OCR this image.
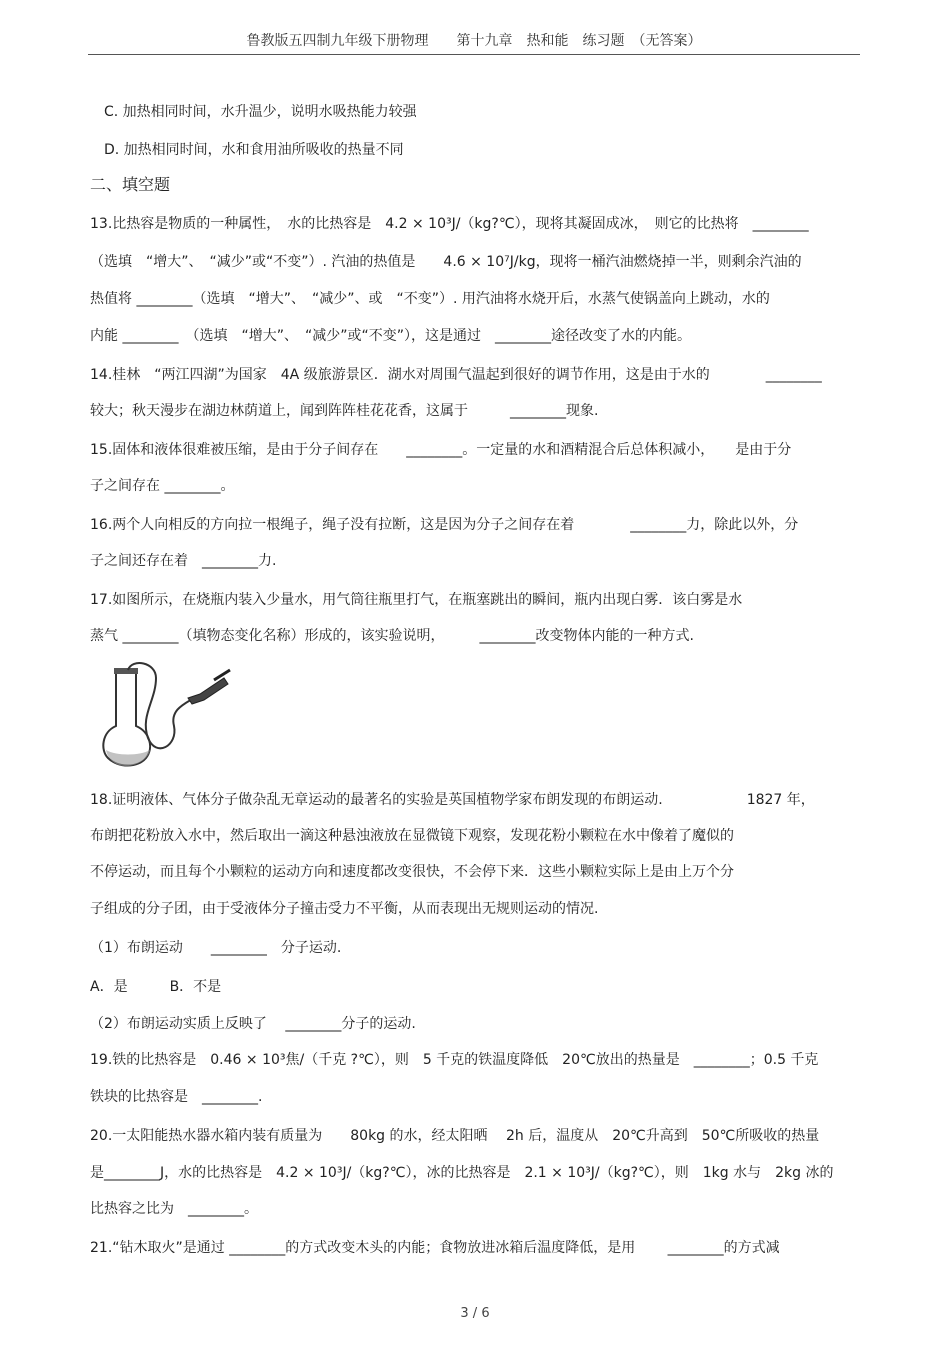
鲁教版五四制九年级下册物理　　第十九章　热和能　练习题　（无答案）
C. 加热相同时间，水升温少，说明水吸热能力较强
D. 加热相同时间，水和食用油所吸收的热量不同
二、填空题
13.比热容是物质的一种属性，　水的比热容是　4.2 × 10³J/（kg?℃），现将其凝固成冰，　则它的比热将　________
（选填　“增大”、　“减少”或“不变”）. 汽油的热值是　　4.6 × 10⁷J/kg，现将一桶汽油燃烧掉一半，则剩余汽油的
热值将 ________（选填　“增大”、　“减少”、或　“不变”）. 用汽油将水烧开后，水蒸气使锅盖向上跳动，水的
内能 ________　（选填　“增大”、　“减少”或“不变”），这是通过　________途径改变了水的内能。
14.桂林　“两江四湖”为国家　4A 级旅游景区．湖水对周围气温起到很好的调节作用，这是由于水的　　　　________
较大；秋天漫步在湖边林荫道上，闻到阵阵桂花花香，这属于　　　________现象.
15.固体和液体很难被压缩，是由于分子间存在　　________。一定量的水和酒精混合后总体积减小，　　是由于分
子之间存在 ________。
16.两个人向相反的方向拉一根绳子，绳子没有拉断，这是因为分子之间存在着　　　　________力，除此以外，分
子之间还存在着　________力.
17.如图所示，在烧瓶内装入少量水，用气筒往瓶里打气，在瓶塞跳出的瞬间，瓶内出现白雾．该白雾是水
蒸气 ________（填物态变化名称）形成的，该实验说明，　　　________改变物体内能的一种方式.
18.证明液体、气体分子做杂乱无章运动的最著名的实验是英国植物学家布朗发现的布朗运动.　　　　　　1827 年，
布朗把花粉放入水中，然后取出一滴这种悬浊液放在显微镜下观察，发现花粉小颗粒在水中像着了魔似的
不停运动，而且每个小颗粒的运动方向和速度都改变很快，不会停下来．这些小颗粒实际上是由上万个分
子组成的分子团，由于受液体分子撞击受力不平衡，从而表现出无规则运动的情况.
（1）布朗运动　　________　分子运动.
A．是　　　B．不是
（2）布朗运动实质上反映了　 ________分子的运动.
19.铁的比热容是　0.46 × 10³焦/（千克 ?℃），则　5 千克的铁温度降低　20℃放出的热量是　________；0.5 千克
铁块的比热容是　________.
20.一太阳能热水器水箱内装有质量为　　80kg 的水，经太阳晒　 2h 后，温度从　20℃升高到　50℃所吸收的热量
是________J，水的比热容是　4.2 × 10³J/（kg?℃），冰的比热容是　2.1 × 10³J/（kg?℃），则　1kg 水与　2kg 冰的
比热容之比为　________。
21.“钻木取火”是通过 ________的方式改变木头的内能；食物放进冰箱后温度降低，是用　　 ________的方式减
3 / 6
